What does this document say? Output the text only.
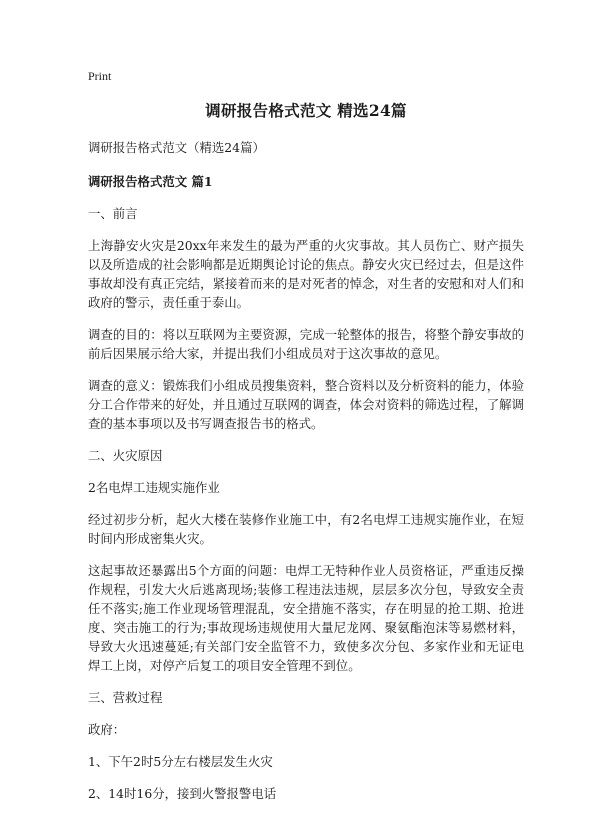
Print
调研报告格式范文 精选24篇

调研报告格式范文（精选24篇）

调研报告格式范文 篇1

一、前言

上海静安火灾是20xx年来发生的最为严重的火灾事故。其人员伤亡、财产损失以及所造成的社会影响都是近期舆论讨论的焦点。静安火灾已经过去，但是这件事故却没有真正完结，紧接着而来的是对死者的悼念，对生者的安慰和对人们和政府的警示，责任重于泰山。

调查的目的：将以互联网为主要资源，完成一轮整体的报告，将整个静安事故的前后因果展示给大家，并提出我们小组成员对于这次事故的意见。

调查的意义：锻炼我们小组成员搜集资料，整合资料以及分析资料的能力，体验分工合作带来的好处，并且通过互联网的调查，体会对资料的筛选过程，了解调查的基本事项以及书写调查报告书的格式。

二、火灾原因

2名电焊工违规实施作业

经过初步分析，起火大楼在装修作业施工中，有2名电焊工违规实施作业，在短时间内形成密集火灾。

这起事故还暴露出5个方面的问题：电焊工无特种作业人员资格证，严重违反操作规程，引发大火后逃离现场;装修工程违法违规，层层多次分包，导致安全责任不落实;施工作业现场管理混乱，安全措施不落实，存在明显的抢工期、抢进度、突击施工的行为;事故现场违规使用大量尼龙网、聚氨酯泡沫等易燃材料，导致大火迅速蔓延;有关部门安全监管不力，致使多次分包、多家作业和无证电焊工上岗，对停产后复工的项目安全管理不到位。

三、营救过程

政府：

1、下午2时5分左右楼层发生火灾

2、14时16分，接到火警报警电话
